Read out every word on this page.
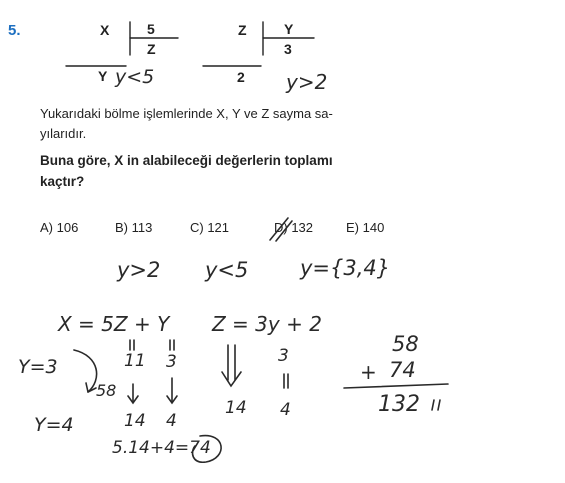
5.	X	5
Z
Y
Z	Y
3
2
y<5	y>2
Yukarıdaki bölme işlemlerinde X, Y ve Z sayma sa-
yılarıdır.
Buna göre, X in alabileceği değerlerin toplamı
kaçtır?
A) 106	B) 113	C) 121	D) 132	E) 140
y>2 y<5 y={3,4}
X = 5Z + Y Z = 3y + 2
Y=3
Y=4
11 3
58
14 4
5.14+4=74
3
14 4
58
74
+
132
